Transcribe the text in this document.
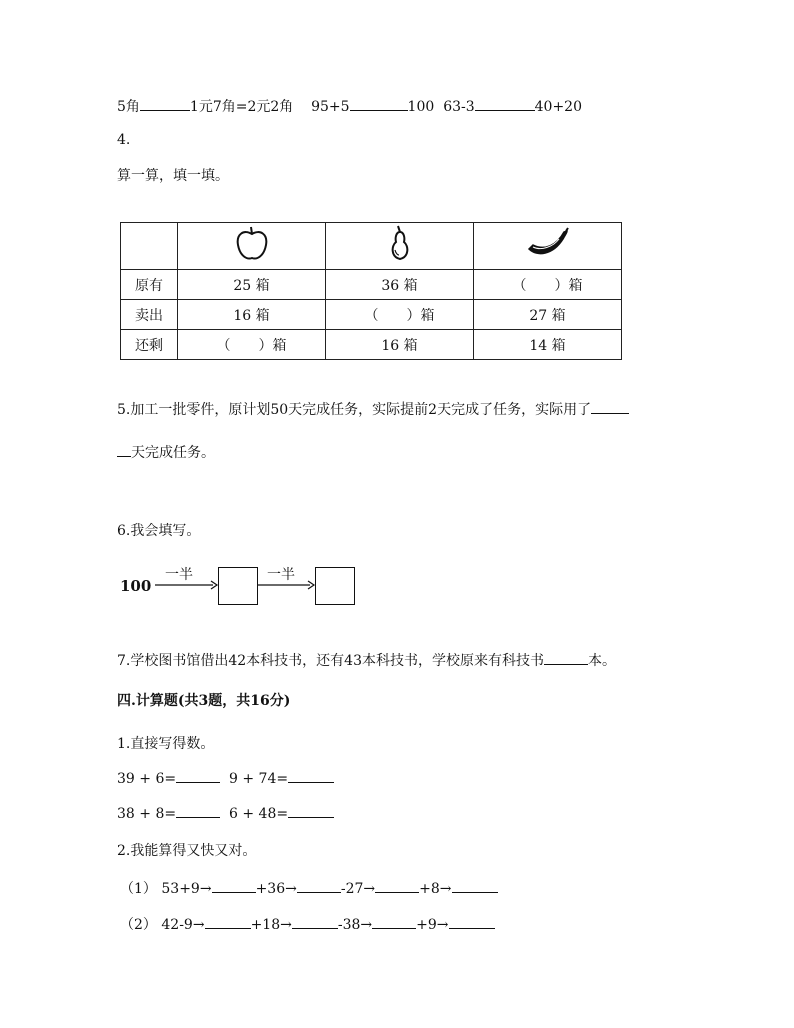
5角	1元7角=2元2角 95+5	100 63-3	40+20
4.
算一算，填一填。

原有	25 箱	36 箱	（　　）箱
卖出	16 箱	（　　）箱	27 箱
还剩	（　　）箱	16 箱	14 箱
5.加工一批零件，原计划50天完成任务，实际提前2天完成了任务，实际用了
天完成任务。
6.我会填写。
100
一半	一半
7.学校图书馆借出42本科技书，还有43本科技书，学校原来有科技书	本。
四.计算题(共3题，共16分)
1.直接写得数。
39 + 6=	9 + 74=
38 + 8=	6 + 48=
2.我能算得又快又对。
（1） 53+9→	+36→	-27→	+8→
（2） 42-9→	+18→	-38→	+9→
